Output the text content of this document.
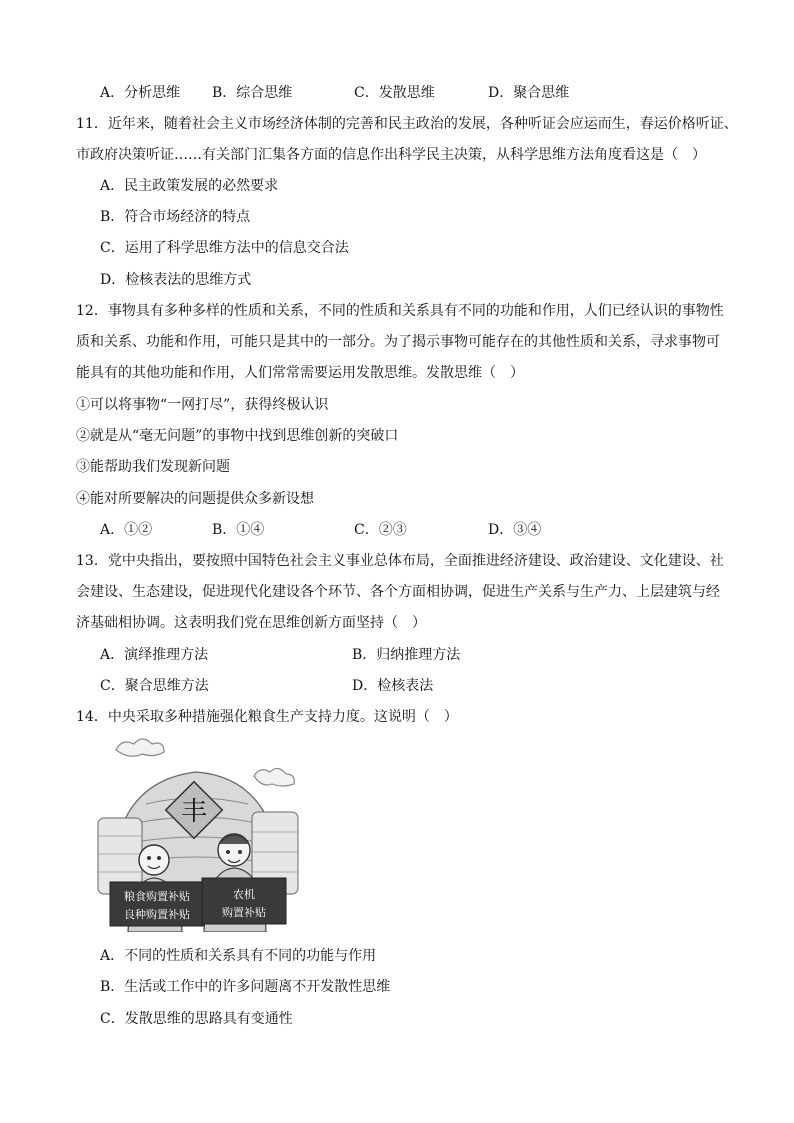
A．分析思维 B．综合思维	C．发散思维	D．聚合思维
11．近年来，随着社会主义市场经济体制的完善和民主政治的发展，各种听证会应运而生，春运价格听证、
市政府决策听证……有关部门汇集各方面的信息作出科学民主决策，从科学思维方法角度看这是（　）
A．民主政策发展的必然要求
B．符合市场经济的特点
C．运用了科学思维方法中的信息交合法
D．检核表法的思维方式
12．事物具有多种多样的性质和关系，不同的性质和关系具有不同的功能和作用，人们已经认识的事物性
质和关系、功能和作用，可能只是其中的一部分。为了揭示事物可能存在的其他性质和关系，寻求事物可
能具有的其他功能和作用，人们常常需要运用发散思维。发散思维（　）
①可以将事物“一网打尽”，获得终极认识
②就是从“毫无问题”的事物中找到思维创新的突破口
③能帮助我们发现新问题
④能对所要解决的问题提供众多新设想
A．①②	B．①④	C．②③	D．③④
13．党中央指出，要按照中国特色社会主义事业总体布局，全面推进经济建设、政治建设、文化建设、社
会建设、生态建设，促进现代化建设各个环节、各个方面相协调，促进生产关系与生产力、上层建筑与经
济基础相协调。这表明我们党在思维创新方面坚持（　）
A．演绎推理方法	B．归纳推理方法
C．聚合思维方法	D．检核表法
14．中央采取多种措施强化粮食生产支持力度。这说明（　）
丰
粮食购置补贴
良种购置补贴
农机
购置补贴
A．不同的性质和关系具有不同的功能与作用
B．生活或工作中的许多问题离不开发散性思维
C．发散思维的思路具有变通性
